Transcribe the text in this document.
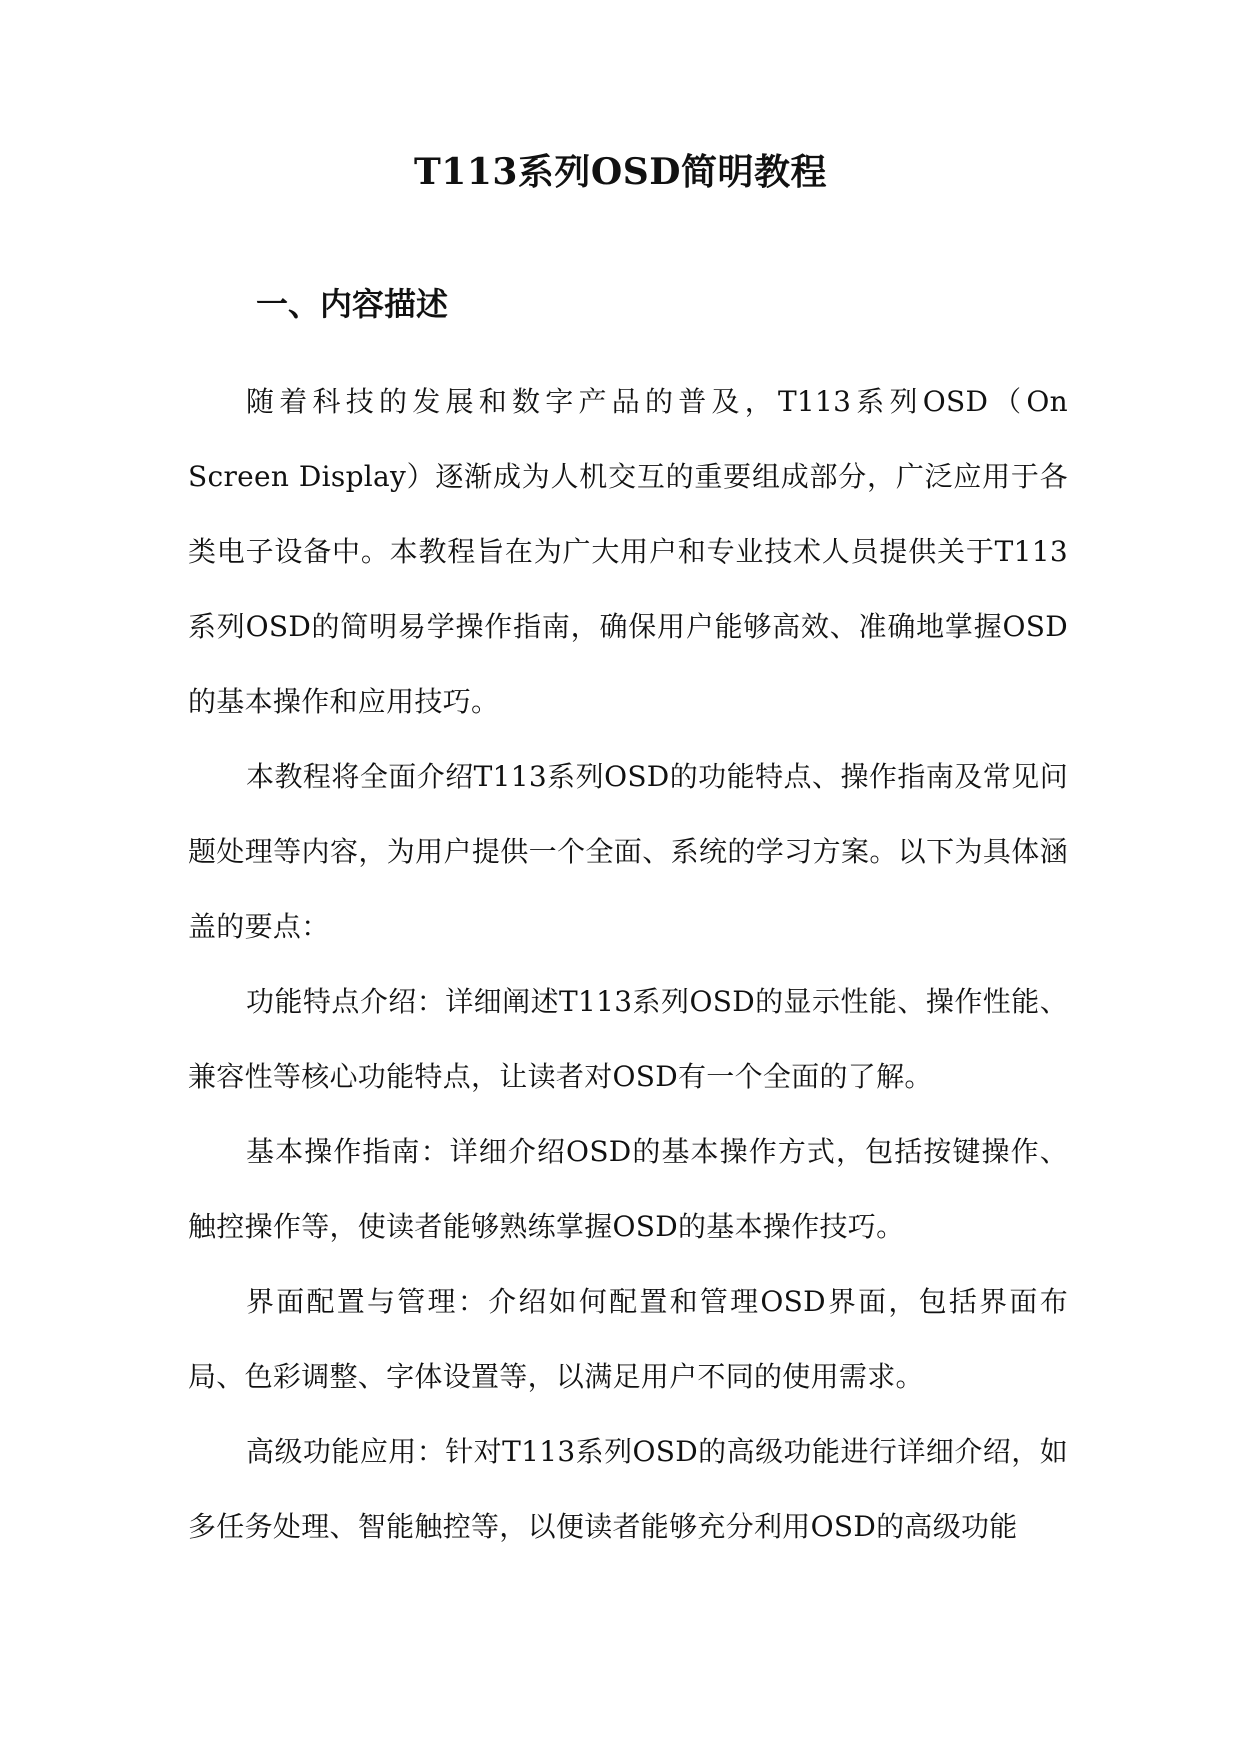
T113系列OSD简明教程
一、内容描述

随着科技的发展和数字产品的普及，T113系列OSD（On Screen Display）逐渐成为人机交互的重要组成部分，广泛应用于各类电子设备中。本教程旨在为广大用户和专业技术人员提供关于T113系列OSD的简明易学操作指南，确保用户能够高效、准确地掌握OSD的基本操作和应用技巧。

本教程将全面介绍T113系列OSD的功能特点、操作指南及常见问题处理等内容，为用户提供一个全面、系统的学习方案。以下为具体涵盖的要点：

功能特点介绍：详细阐述T113系列OSD的显示性能、操作性能、兼容性等核心功能特点，让读者对OSD有一个全面的了解。

基本操作指南：详细介绍OSD的基本操作方式，包括按键操作、触控操作等，使读者能够熟练掌握OSD的基本操作技巧。

界面配置与管理：介绍如何配置和管理OSD界面，包括界面布局、色彩调整、字体设置等，以满足用户不同的使用需求。

高级功能应用：针对T113系列OSD的高级功能进行详细介绍，如多任务处理、智能触控等，以便读者能够充分利用OSD的高级功能
